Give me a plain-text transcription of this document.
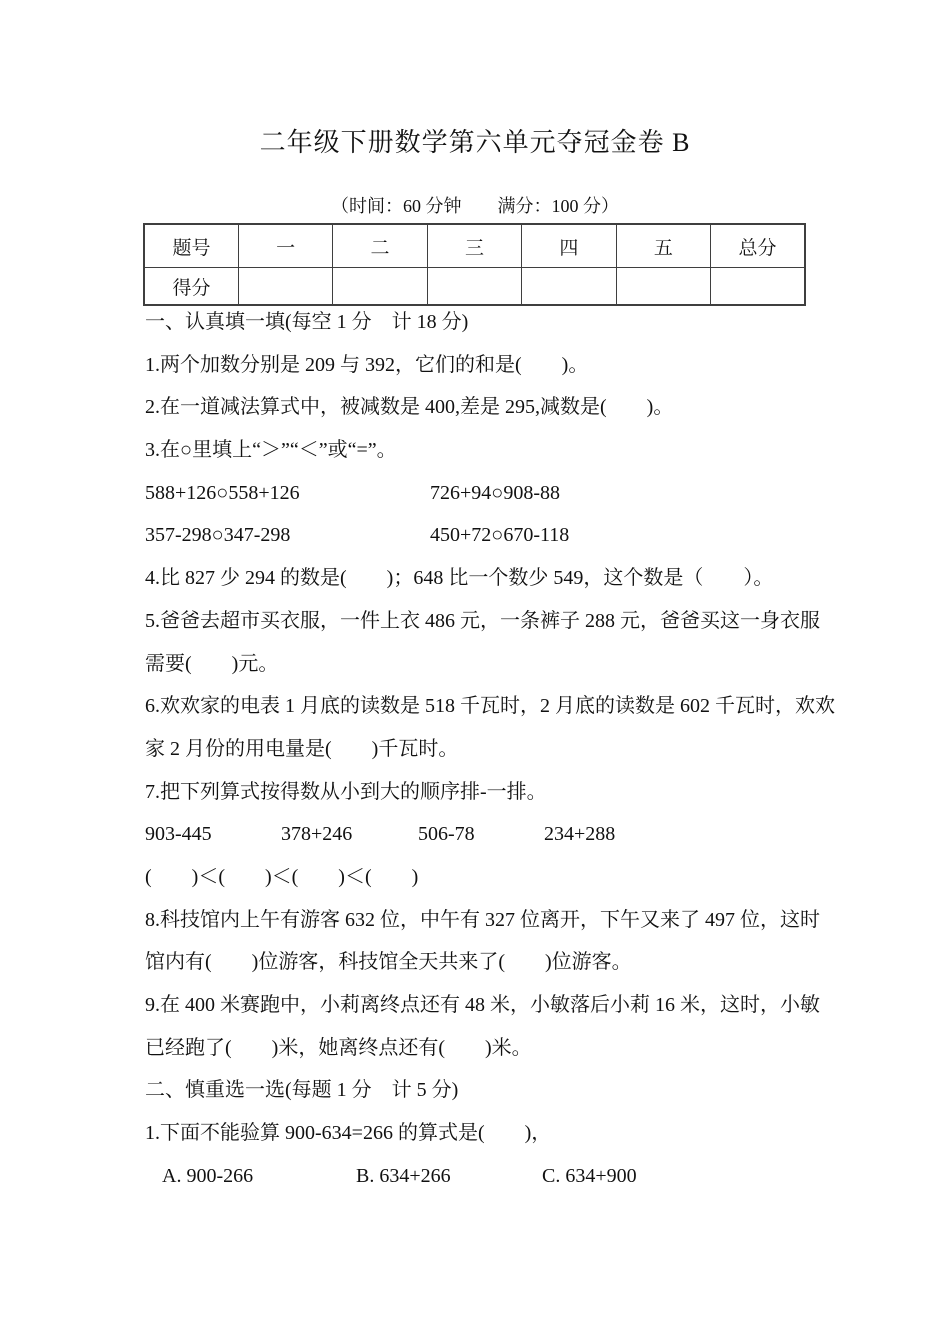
二年级下册数学第六单元夺冠金卷 B
（时间：60 分钟　　满分：100 分）
题号	一	二	三	四	五	总分
得分						
一、认真填一填(每空 1 分　计 18 分)
1.两个加数分别是 209 与 392，它们的和是(　　)。
2.在一道减法算式中，被减数是 400,差是 295,减数是(　　)。
3.在○里填上“＞”“＜”或“=”。
588+126○558+126	726+94○908-88
357-298○347-298	450+72○670-118
4.比 827 少 294 的数是(　　)；648 比一个数少 549，这个数是（　　）。
5.爸爸去超市买衣服，一件上衣 486 元，一条裤子 288 元，爸爸买这一身衣服
需要(　　)元。
6.欢欢家的电表 1 月底的读数是 518 千瓦时，2 月底的读数是 602 千瓦时，欢欢
家 2 月份的用电量是(　　)千瓦时。
7.把下列算式按得数从小到大的顺序排-一排。
903-445	378+246	506-78	234+288
(　　)＜(　　)＜(　　)＜(　　)
8.科技馆内上午有游客 632 位，中午有 327 位离开，下午又来了 497 位，这时
馆内有(　　)位游客，科技馆全天共来了(　　)位游客。
9.在 400 米赛跑中，小莉离终点还有 48 米，小敏落后小莉 16 米，这时，小敏
已经跑了(　　)米，她离终点还有(　　)米。
二、慎重选一选(每题 1 分　计 5 分)
1.下面不能验算 900-634=266 的算式是(　　)，
A. 900-266	B. 634+266	C. 634+900
